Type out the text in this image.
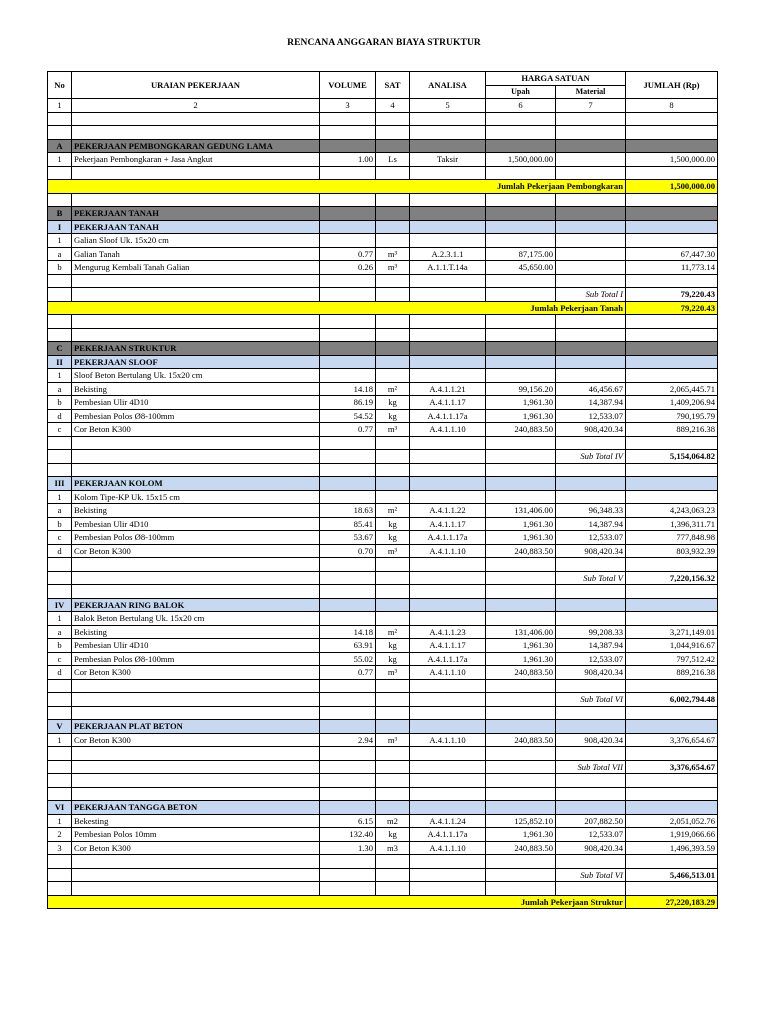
RENCANA ANGGARAN BIAYA STRUKTUR
No	URAIAN PEKERJAAN	VOLUME	SAT	ANALISA	HARGA SATUAN		JUMLAH (Rp)
					Upah	Material	
1	2	3	4	5	6	7	8

A	PEKERJAAN PEMBONGKARAN GEDUNG LAMA						
1	Pekerjaan Pembongkaran + Jasa Angkut	1.00	Ls	Taksir	1,500,000.00		1,500,000.00

Jumlah Pekerjaan Pembongkaran							1,500,000.00

B	PEKERJAAN TANAH						
I	PEKERJAAN TANAH						
1	Galian Sloof Uk. 15x20 cm						
a	Galian Tanah	0.77	m³	A.2.3.1.1	87,175.00		67,447.30
b	Mengurug Kembali Tanah Galian	0.26	m³	A.1.1.T.14a	45,650.00		11,773.14

						Sub Total I	79,220.43
Jumlah Pekerjaan Tanah							79,220.43

C	PEKERJAAN STRUKTUR						
II	PEKERJAAN SLOOF						
1	Sloof Beton Bertulang Uk. 15x20 cm						
a	Bekisting	14.18	m²	A.4.1.1.21	99,156.20	46,456.67	2,065,445.71
b	Pembesian Ulir 4D10	86.19	kg	A.4.1.1.17	1,961.30	14,387.94	1,409,206.94
d	Pembesian Polos Ø8-100mm	54.52	kg	A.4.1.1.17a	1,961.30	12,533.07	790,195.79
c	Cor Beton K300	0.77	m³	A.4.1.1.10	240,883.50	908,420.34	889,216.38

						Sub Total IV	5,154,064.82

III	PEKERJAAN KOLOM						
1	Kolom Tipe-KP Uk. 15x15 cm						
a	Bekisting	18.63	m²	A.4.1.1.22	131,406.00	96,348.33	4,243,063.23
b	Pembesian Ulir 4D10	85.41	kg	A.4.1.1.17	1,961.30	14,387.94	1,396,311.71
c	Pembesian Polos Ø8-100mm	53.67	kg	A.4.1.1.17a	1,961.30	12,533.07	777,848.98
d	Cor Beton K300	0.70	m³	A.4.1.1.10	240,883.50	908,420.34	803,932.39

						Sub Total V	7,220,156.32

IV	PEKERJAAN RING BALOK						
1	Balok Beton Bertulang Uk. 15x20 cm						
a	Bekisting	14.18	m²	A.4.1.1.23	131,406.00	99,208.33	3,271,149.01
b	Pembesian Ulir 4D10	63.91	kg	A.4.1.1.17	1,961.30	14,387.94	1,044,916.67
c	Pembesian Polos Ø8-100mm	55.02	kg	A.4.1.1.17a	1,961.30	12,533.07	797,512.42
d	Cor Beton K300	0.77	m³	A.4.1.1.10	240,883.50	908,420.34	889,216.38

						Sub Total VI	6,002,794.48

V	PEKERJAAN PLAT BETON						
1	Cor Beton K300	2.94	m³	A.4.1.1.10	240,883.50	908,420.34	3,376,654.67

						Sub Total VII	3,376,654.67

VI	PEKERJAAN TANGGA BETON						
1	Bekesting	6.15	m2	A.4.1.1.24	125,852.10	207,882.50	2,051,052.76
2	Pembesian Polos 10mm	132.40	kg	A.4.1.1.17a	1,961.30	12,533.07	1,919,066.66
3	Cor Beton K300	1.30	m3	A.4.1.1.10	240,883.50	908,420.34	1,496,393.59

						Sub Total VI	5,466,513.01

Jumlah Pekerjaan Struktur							27,220,183.29
